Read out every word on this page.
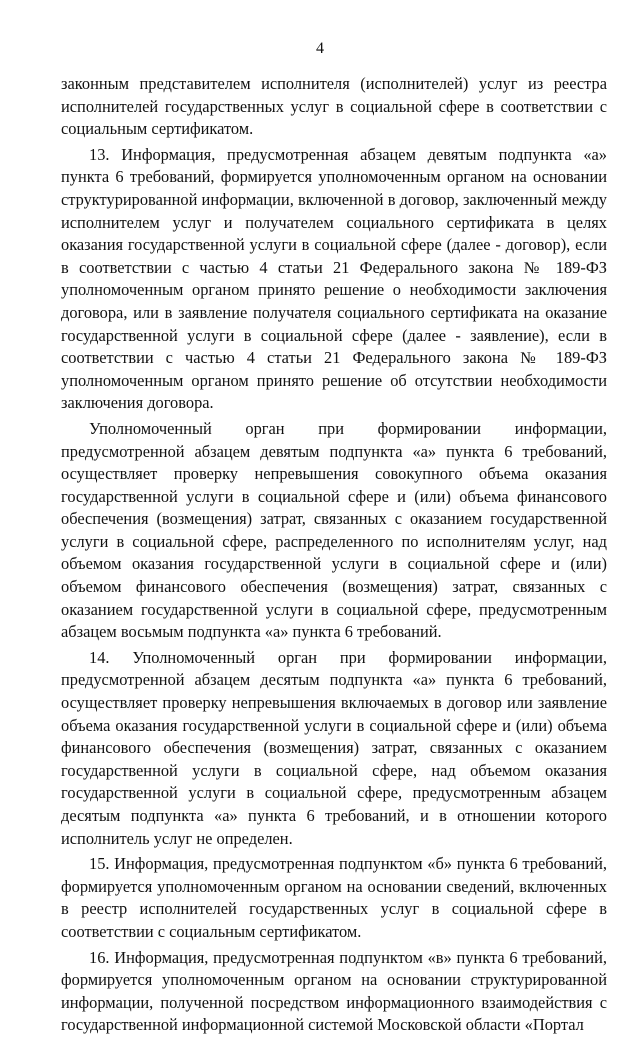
4

законным представителем исполнителя (исполнителей) услуг из реестра исполнителей государственных услуг в социальной сфере в соответствии с социальным сертификатом.

13. Информация, предусмотренная абзацем девятым подпункта «а» пункта 6 требований, формируется уполномоченным органом на основании структурированной информации, включенной в договор, заключенный между исполнителем услуг и получателем социального сертификата в целях оказания государственной услуги в социальной сфере (далее - договор), если в соответствии с частью 4 статьи 21 Федерального закона № 189-ФЗ уполномоченным органом принято решение о необходимости заключения договора, или в заявление получателя социального сертификата на оказание государственной услуги в социальной сфере (далее - заявление), если в соответствии с частью 4 статьи 21 Федерального закона № 189-ФЗ уполномоченным органом принято решение об отсутствии необходимости заключения договора.

Уполномоченный орган при формировании информации, предусмотренной абзацем девятым подпункта «а» пункта 6 требований, осуществляет проверку непревышения совокупного объема оказания государственной услуги в социальной сфере и (или) объема финансового обеспечения (возмещения) затрат, связанных с оказанием государственной услуги в социальной сфере, распределенного по исполнителям услуг, над объемом оказания государственной услуги в социальной сфере и (или) объемом финансового обеспечения (возмещения) затрат, связанных с оказанием государственной услуги в социальной сфере, предусмотренным абзацем восьмым подпункта «а» пункта 6 требований.

14. Уполномоченный орган при формировании информации, предусмотренной абзацем десятым подпункта «а» пункта 6 требований, осуществляет проверку непревышения включаемых в договор или заявление объема оказания государственной услуги в социальной сфере и (или) объема финансового обеспечения (возмещения) затрат, связанных с оказанием государственной услуги в социальной сфере, над объемом оказания государственной услуги в социальной сфере, предусмотренным абзацем десятым подпункта «а» пункта 6 требований, и в отношении которого исполнитель услуг не определен.

15. Информация, предусмотренная подпунктом «б» пункта 6 требований, формируется уполномоченным органом на основании сведений, включенных в реестр исполнителей государственных услуг в социальной сфере в соответствии с социальным сертификатом.

16. Информация, предусмотренная подпунктом «в» пункта 6 требований, формируется уполномоченным органом на основании структурированной информации, полученной посредством информационного взаимодействия с государственной информационной системой Московской области «Портал
